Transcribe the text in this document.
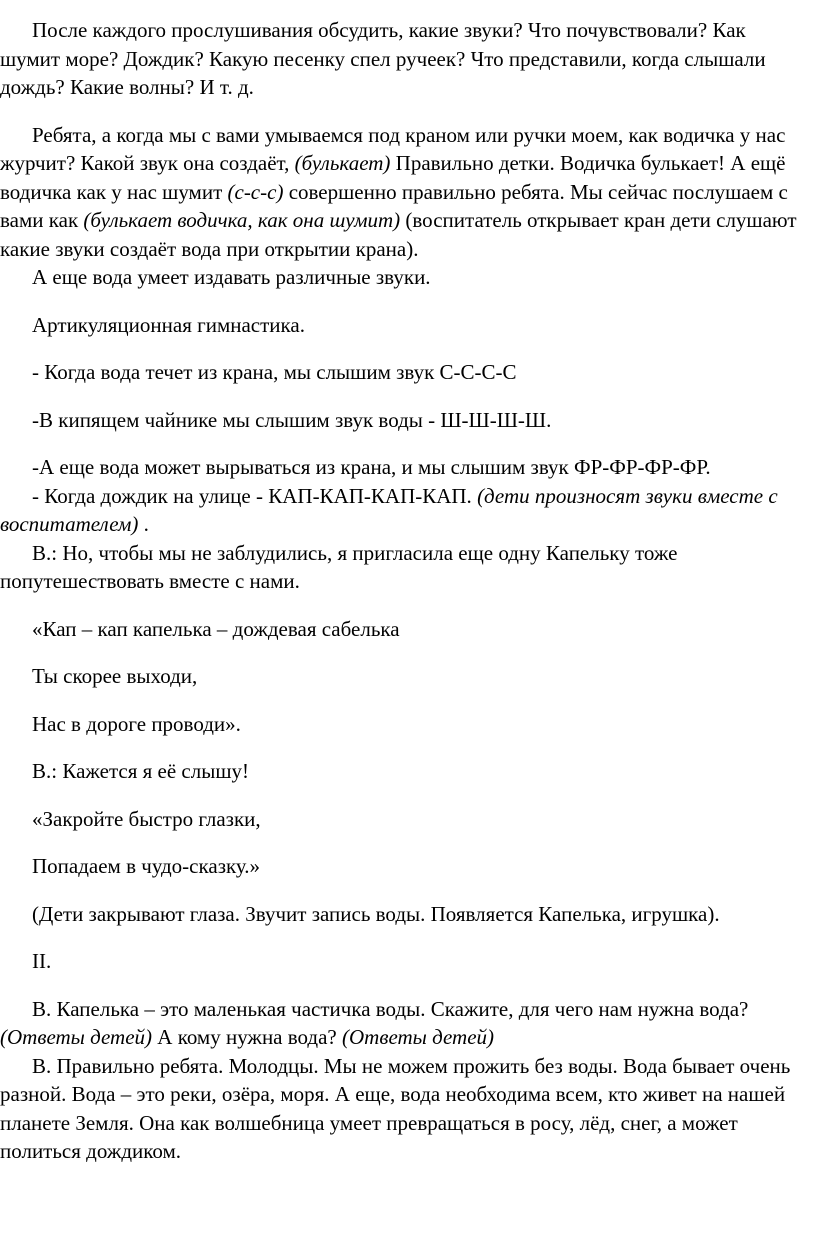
После каждого прослушивания обсудить, какие звуки? Что почувствовали? Как шумит море? Дождик? Какую песенку спел ручеек? Что представили, когда слышали дождь? Какие волны? И т. д.

Ребята, а когда мы с вами умываемся под краном или ручки моем, как водичка у нас журчит? Какой звук она создаёт, (булькает) Правильно детки. Водичка булькает! А ещё водичка как у нас шумит (с-с-с) совершенно правильно ребята. Мы сейчас послушаем с вами как (булькает водичка, как она шумит) (воспитатель открывает кран дети слушают какие звуки создаёт вода при открытии крана).

А еще вода умеет издавать различные звуки.

Артикуляционная гимнастика.

- Когда вода течет из крана, мы слышим звук С-С-С-С

-В кипящем чайнике мы слышим звук воды - Ш-Ш-Ш-Ш.

-А еще вода может вырываться из крана, и мы слышим звук ФР-ФР-ФР-ФР.

- Когда дождик на улице - КАП-КАП-КАП-КАП. (дети произносят звуки вместе с воспитателем) .

В.: Но, чтобы мы не заблудились, я пригласила еще одну Капельку тоже попутешествовать вместе с нами.

«Кап – кап капелька – дождевая сабелька

Ты скорее выходи,

Нас в дороге проводи».

В.: Кажется я её слышу!

«Закройте быстро глазки,

Попадаем в чудо-сказку.»

(Дети закрывают глаза. Звучит запись воды. Появляется Капелька, игрушка).

II.

В. Капелька – это маленькая частичка воды. Скажите, для чего нам нужна вода? (Ответы детей) А кому нужна вода? (Ответы детей)

В. Правильно ребята. Молодцы. Мы не можем прожить без воды. Вода бывает очень разной. Вода – это реки, озёра, моря. А еще, вода необходима всем, кто живет на нашей планете Земля. Она как волшебница умеет превращаться в росу, лёд, снег, а может политься дождиком.
